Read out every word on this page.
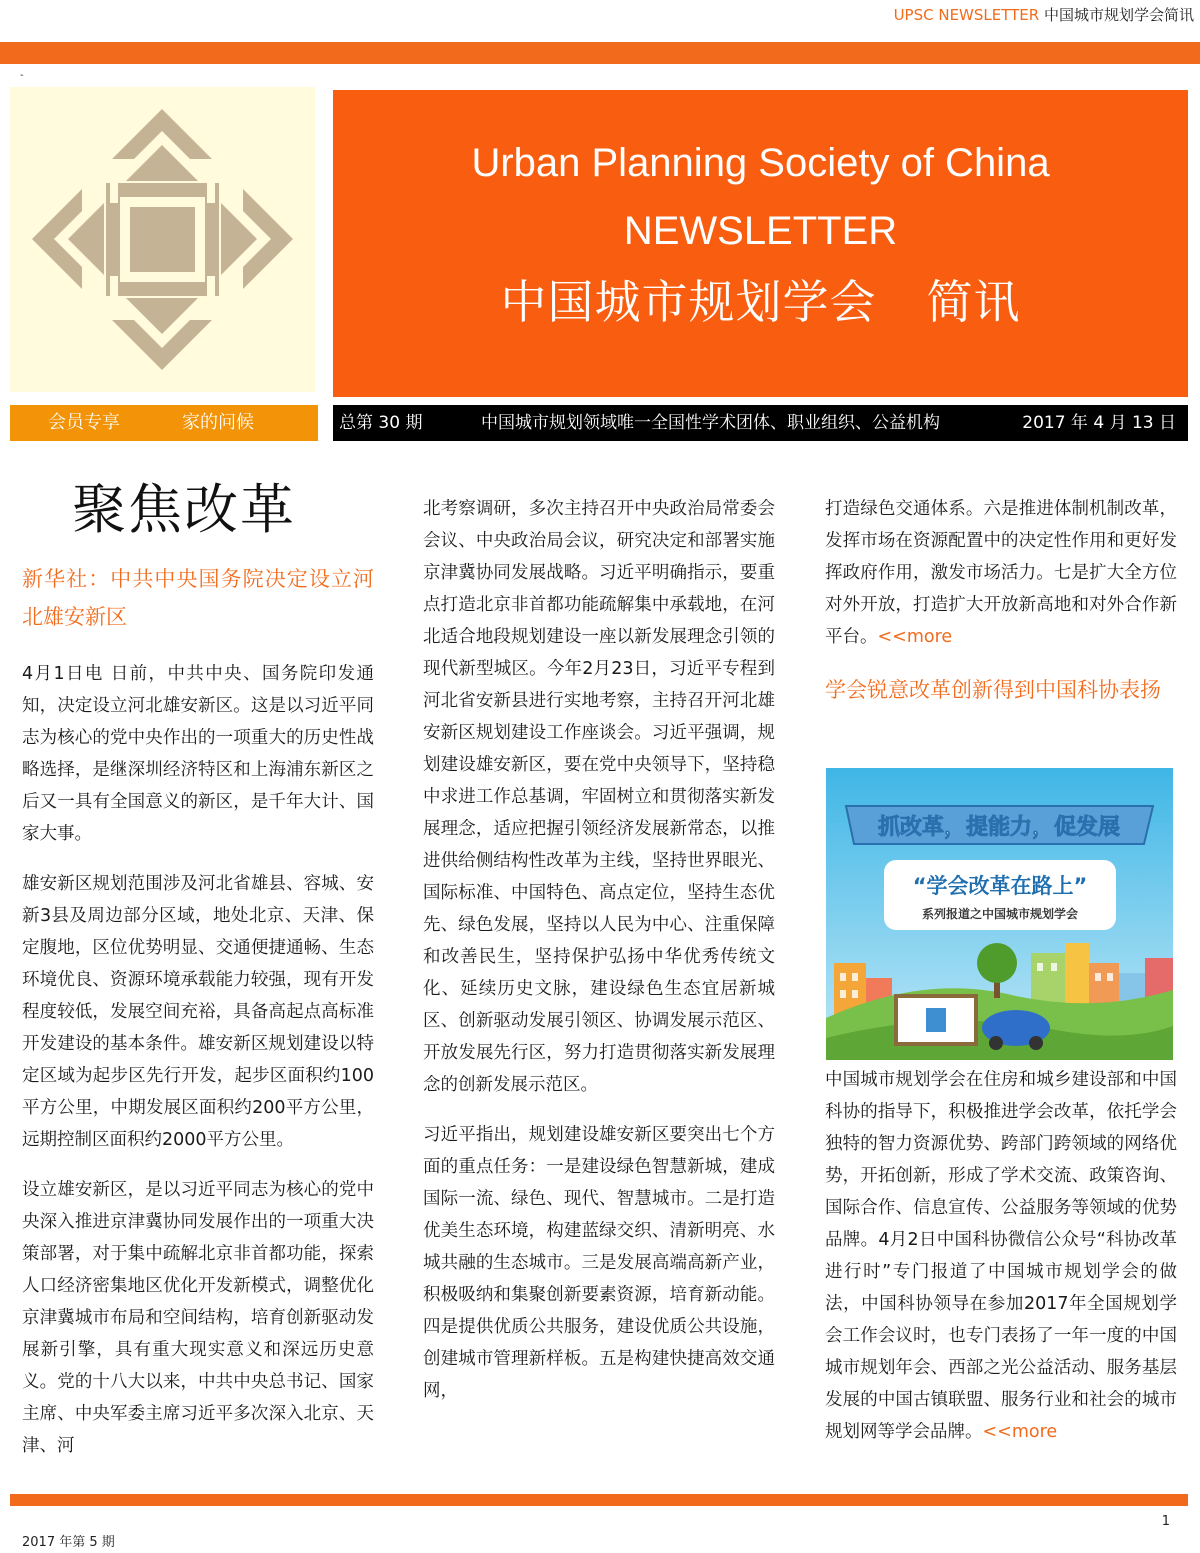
UPSC NEWSLETTER 中国城市规划学会简讯
-
Urban Planning Society of China
NEWSLETTER
中国城市规划学会 简讯
会员专享	家的问候	总第 30 期	中国城市规划领域唯一全国性学术团体、职业组织、公益机构	2017 年 4 月 13 日
聚焦改革
新华社：中共中央国务院决定设立河北雄安新区

4月1日电 日前，中共中央、国务院印发通知，决定设立河北雄安新区。这是以习近平同志为核心的党中央作出的一项重大的历史性战略选择，是继深圳经济特区和上海浦东新区之后又一具有全国意义的新区，是千年大计、国家大事。

雄安新区规划范围涉及河北省雄县、容城、安新3县及周边部分区域，地处北京、天津、保定腹地，区位优势明显、交通便捷通畅、生态环境优良、资源环境承载能力较强，现有开发程度较低，发展空间充裕，具备高起点高标准开发建设的基本条件。雄安新区规划建设以特定区域为起步区先行开发，起步区面积约100平方公里，中期发展区面积约200平方公里，远期控制区面积约2000平方公里。

设立雄安新区，是以习近平同志为核心的党中央深入推进京津冀协同发展作出的一项重大决策部署，对于集中疏解北京非首都功能，探索人口经济密集地区优化开发新模式，调整优化京津冀城市布局和空间结构，培育创新驱动发展新引擎，具有重大现实意义和深远历史意义。党的十八大以来，中共中央总书记、国家主席、中央军委主席习近平多次深入北京、天津、河

北考察调研，多次主持召开中央政治局常委会会议、中央政治局会议，研究决定和部署实施京津冀协同发展战略。习近平明确指示，要重点打造北京非首都功能疏解集中承载地，在河北适合地段规划建设一座以新发展理念引领的现代新型城区。今年2月23日，习近平专程到河北省安新县进行实地考察，主持召开河北雄安新区规划建设工作座谈会。习近平强调，规划建设雄安新区，要在党中央领导下，坚持稳中求进工作总基调，牢固树立和贯彻落实新发展理念，适应把握引领经济发展新常态，以推进供给侧结构性改革为主线，坚持世界眼光、国际标准、中国特色、高点定位，坚持生态优先、绿色发展，坚持以人民为中心、注重保障和改善民生，坚持保护弘扬中华优秀传统文化、延续历史文脉，建设绿色生态宜居新城区、创新驱动发展引领区、协调发展示范区、开放发展先行区，努力打造贯彻落实新发展理念的创新发展示范区。

习近平指出，规划建设雄安新区要突出七个方面的重点任务：一是建设绿色智慧新城，建成国际一流、绿色、现代、智慧城市。二是打造优美生态环境，构建蓝绿交织、清新明亮、水城共融的生态城市。三是发展高端高新产业，积极吸纳和集聚创新要素资源，培育新动能。四是提供优质公共服务，建设优质公共设施，创建城市管理新样板。五是构建快捷高效交通网，

打造绿色交通体系。六是推进体制机制改革，发挥市场在资源配置中的决定性作用和更好发挥政府作用，激发市场活力。七是扩大全方位对外开放，打造扩大开放新高地和对外合作新平台。<<more

学会锐意改革创新得到中国科协表扬
抓改革，提能力，促发展
“学会改革在路上”
系列报道之中国城市规划学会

中国城市规划学会在住房和城乡建设部和中国科协的指导下，积极推进学会改革，依托学会独特的智力资源优势、跨部门跨领域的网络优势，开拓创新，形成了学术交流、政策咨询、国际合作、信息宣传、公益服务等领域的优势品牌。4月2日中国科协微信公众号“科协改革进行时”专门报道了中国城市规划学会的做法，中国科协领导在参加2017年全国规划学会工作会议时，也专门表扬了一年一度的中国城市规划年会、西部之光公益活动、服务基层发展的中国古镇联盟、服务行业和社会的城市规划网等学会品牌。<<more

2017 年第 5 期
1
